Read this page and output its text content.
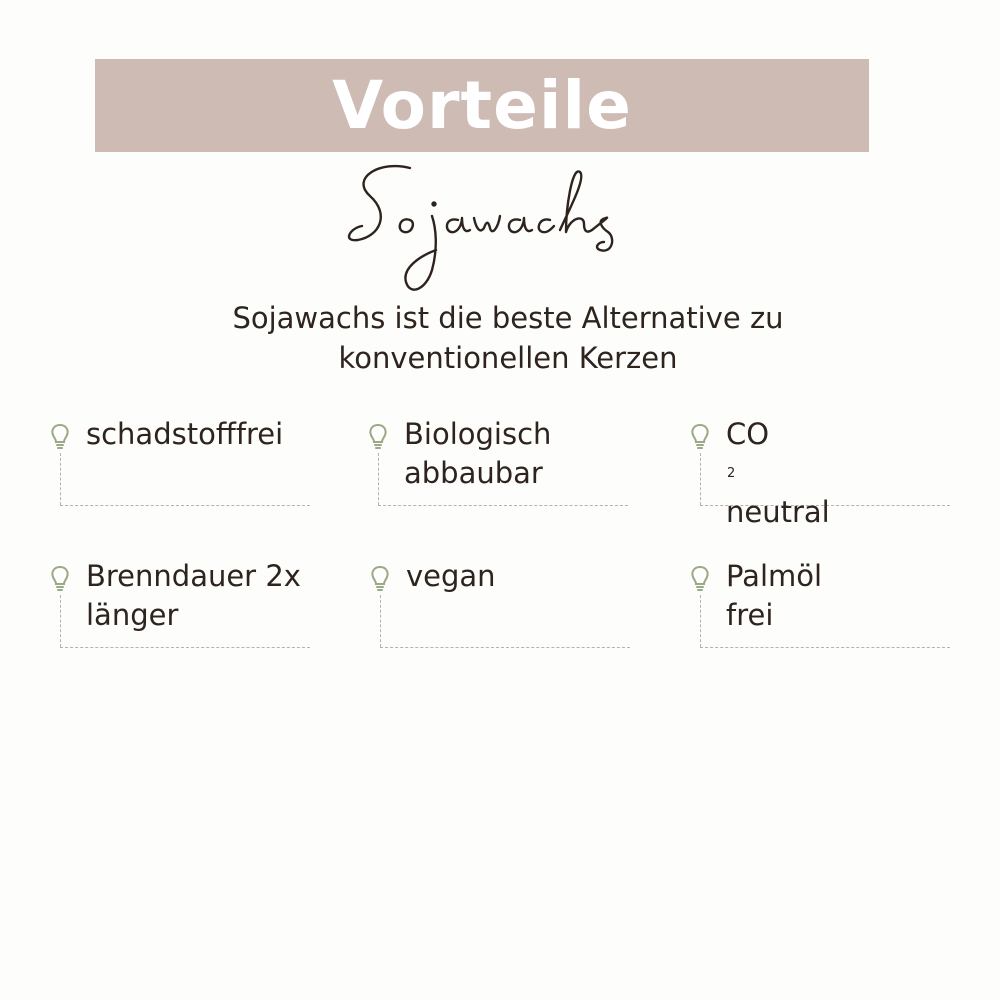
Vorteile
Sojawachs ist die beste Alternative zu
konventionellen Kerzen
schadstofffrei	Biologisch
abbaubar
CO
2
neutral
Brenndauer 2x
länger
vegan	Palmöl
frei
